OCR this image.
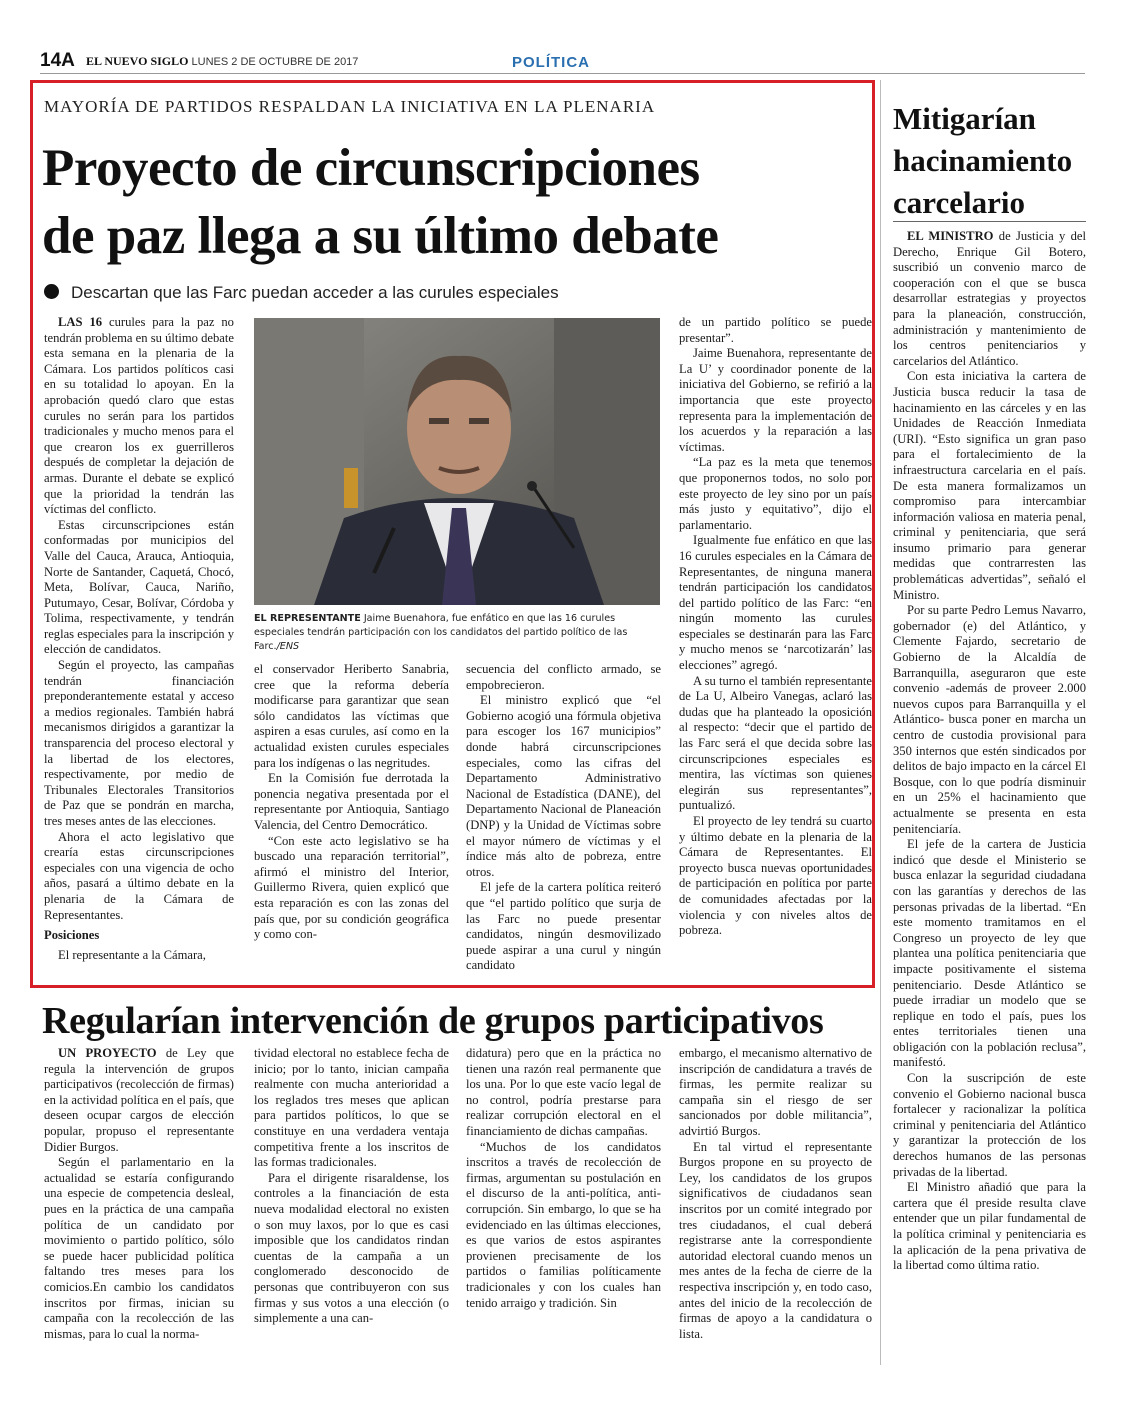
14A EL NUEVO SIGLO LUNES 2 DE OCTUBRE DE 2017	POLÍTICA
MAYORÍA DE PARTIDOS RESPALDAN LA INICIATIVA EN LA PLENARIA
Proyecto de circunscripciones
de paz llega a su último debate
Descartan que las Farc puedan acceder a las curules especiales

LAS 16 curules para la paz no tendrán problema en su último debate esta semana en la plenaria de la Cámara. Los partidos políticos casi en su totalidad lo apoyan. En la aprobación quedó claro que estas curules no serán para los partidos tradicionales y mucho menos para el que crearon los ex guerrilleros después de completar la dejación de armas. Durante el debate se explicó que la prioridad la tendrán las víctimas del conflicto.

Estas circunscripciones están conformadas por municipios del Valle del Cauca, Arauca, Antioquia, Norte de Santander, Caquetá, Chocó, Meta, Bolívar, Cauca, Nariño, Putumayo, Cesar, Bolívar, Córdoba y Tolima, respectivamente, y tendrán reglas especiales para la inscripción y elección de candidatos.

Según el proyecto, las campañas tendrán financiación preponderantemente estatal y acceso a medios regionales. También habrá mecanismos dirigidos a garantizar la transparencia del proceso electoral y la libertad de los electores, respectivamente, por medio de Tribunales Electorales Transitorios de Paz que se pondrán en marcha, tres meses antes de las elecciones.

Ahora el acto legislativo que crearía estas circunscripciones especiales con una vigencia de ocho años, pasará a último debate en la plenaria de la Cámara de Representantes.

Posiciones

El representante a la Cámara,

EL REPRESENTANTE Jaime Buenahora, fue enfático en que las 16 curules especiales tendrán participación con los candidatos del partido político de las Farc./ENS

el conservador Heriberto Sanabria, cree que la reforma debería modificarse para garantizar que sean sólo candidatos las víctimas que aspiren a esas curules, así como en la actualidad existen curules especiales para los indígenas o las negritudes.

En la Comisión fue derrotada la ponencia negativa presentada por el representante por Antioquia, Santiago Valencia, del Centro Democrático.

“Con este acto legislativo se ha buscado una reparación territorial”, afirmó el ministro del Interior, Guillermo Rivera, quien explicó que esta reparación es con las zonas del país que, por su condición geográfica y como con-

secuencia del conflicto armado, se empobrecieron.

El ministro explicó que “el Gobierno acogió una fórmula objetiva para escoger los 167 municipios” donde habrá circunscripciones especiales, como las cifras del Departamento Administrativo Nacional de Estadística (DANE), del Departamento Nacional de Planeación (DNP) y la Unidad de Víctimas sobre el mayor número de víctimas y el índice más alto de pobreza, entre otros.

El jefe de la cartera política reiteró que “el partido político que surja de las Farc no puede presentar candidatos, ningún desmovilizado puede aspirar a una curul y ningún candidato

de un partido político se puede presentar”.

Jaime Buenahora, representante de La U’ y coordinador ponente de la iniciativa del Gobierno, se refirió a la importancia que este proyecto representa para la implementación de los acuerdos y la reparación a las víctimas.

“La paz es la meta que tenemos que proponernos todos, no solo por este proyecto de ley sino por un país más justo y equitativo”, dijo el parlamentario.

Igualmente fue enfático en que las 16 curules especiales en la Cámara de Representantes, de ninguna manera tendrán participación los candidatos del partido político de las Farc: “en ningún momento las curules especiales se destinarán para las Farc y mucho menos se ‘narcotizarán’ las elecciones” agregó.

A su turno el también representante de La U, Albeiro Vanegas, aclaró las dudas que ha planteado la oposición al respecto: “decir que el partido de las Farc será el que decida sobre las circunscripciones especiales es mentira, las víctimas son quienes elegirán sus representantes”, puntualizó.

El proyecto de ley tendrá su cuarto y último debate en la plenaria de la Cámara de Representantes. El proyecto busca nuevas oportunidades de participación en política por parte de comunidades afectadas por la violencia y con niveles altos de pobreza.

Mitigarían hacinamiento carcelario

EL MINISTRO de Justicia y del Derecho, Enrique Gil Botero, suscribió un convenio marco de cooperación con el que se busca desarrollar estrategias y proyectos para la planeación, construcción, administración y mantenimiento de los centros penitenciarios y carcelarios del Atlántico.

Con esta iniciativa la cartera de Justicia busca reducir la tasa de hacinamiento en las cárceles y en las Unidades de Reacción Inmediata (URI). “Esto significa un gran paso para el fortalecimiento de la infraestructura carcelaria en el país. De esta manera formalizamos un compromiso para intercambiar información valiosa en materia penal, criminal y penitenciaria, que será insumo primario para generar medidas que contrarresten las problemáticas advertidas”, señaló el Ministro.

Por su parte Pedro Lemus Navarro, gobernador (e) del Atlántico, y Clemente Fajardo, secretario de Gobierno de la Alcaldía de Barranquilla, aseguraron que este convenio -además de proveer 2.000 nuevos cupos para Barranquilla y el Atlántico- busca poner en marcha un centro de custodia provisional para 350 internos que estén sindicados por delitos de bajo impacto en la cárcel El Bosque, con lo que podría disminuir en un 25% el hacinamiento que actualmente se presenta en esta penitenciaría.

El jefe de la cartera de Justicia indicó que desde el Ministerio se busca enlazar la seguridad ciudadana con las garantías y derechos de las personas privadas de la libertad. “En este momento tramitamos en el Congreso un proyecto de ley que plantea una política penitenciaria que impacte positivamente el sistema penitenciario. Desde Atlántico se puede irradiar un modelo que se replique en todo el país, pues los entes territoriales tienen una obligación con la población reclusa”, manifestó.

Con la suscripción de este convenio el Gobierno nacional busca fortalecer y racionalizar la política criminal y penitenciaria del Atlántico y garantizar la protección de los derechos humanos de las personas privadas de la libertad.

El Ministro añadió que para la cartera que él preside resulta clave entender que un pilar fundamental de la política criminal y penitenciaria es la aplicación de la pena privativa de la libertad como última ratio.

Regularían intervención de grupos participativos

UN PROYECTO de Ley que regula la intervención de grupos participativos (recolección de firmas) en la actividad política en el país, que deseen ocupar cargos de elección popular, propuso el representante Didier Burgos.

Según el parlamentario en la actualidad se estaría configurando una especie de competencia desleal, pues en la práctica de una campaña política de un candidato por movimiento o partido político, sólo se puede hacer publicidad política faltando tres meses para los comicios.En cambio los candidatos inscritos por firmas, inician su campaña con la recolección de las mismas, para lo cual la norma-

tividad electoral no establece fecha de inicio; por lo tanto, inician campaña realmente con mucha anterioridad a los reglados tres meses que aplican para partidos políticos, lo que se constituye en una verdadera ventaja competitiva frente a los inscritos de las formas tradicionales.

Para el dirigente risaraldense, los controles a la financiación de esta nueva modalidad electoral no existen o son muy laxos, por lo que es casi imposible que los candidatos rindan cuentas de la campaña a un conglomerado desconocido de personas que contribuyeron con sus firmas y sus votos a una elección (o simplemente a una can-

didatura) pero que en la práctica no tienen una razón real permanente que los una. Por lo que este vacío legal de no control, podría prestarse para realizar corrupción electoral en el financiamiento de dichas campañas.

“Muchos de los candidatos inscritos a través de recolección de firmas, argumentan su postulación en el discurso de la anti-política, anti-corrupción. Sin embargo, lo que se ha evidenciado en las últimas elecciones, es que varios de estos aspirantes provienen precisamente de los partidos o familias políticamente tradicionales y con los cuales han tenido arraigo y tradición. Sin

embargo, el mecanismo alternativo de inscripción de candidatura a través de firmas, les permite realizar su campaña sin el riesgo de ser sancionados por doble militancia”, advirtió Burgos.

En tal virtud el representante Burgos propone en su proyecto de Ley, los candidatos de los grupos significativos de ciudadanos sean inscritos por un comité integrado por tres ciudadanos, el cual deberá registrarse ante la correspondiente autoridad electoral cuando menos un mes antes de la fecha de cierre de la respectiva inscripción y, en todo caso, antes del inicio de la recolección de firmas de apoyo a la candidatura o lista.
